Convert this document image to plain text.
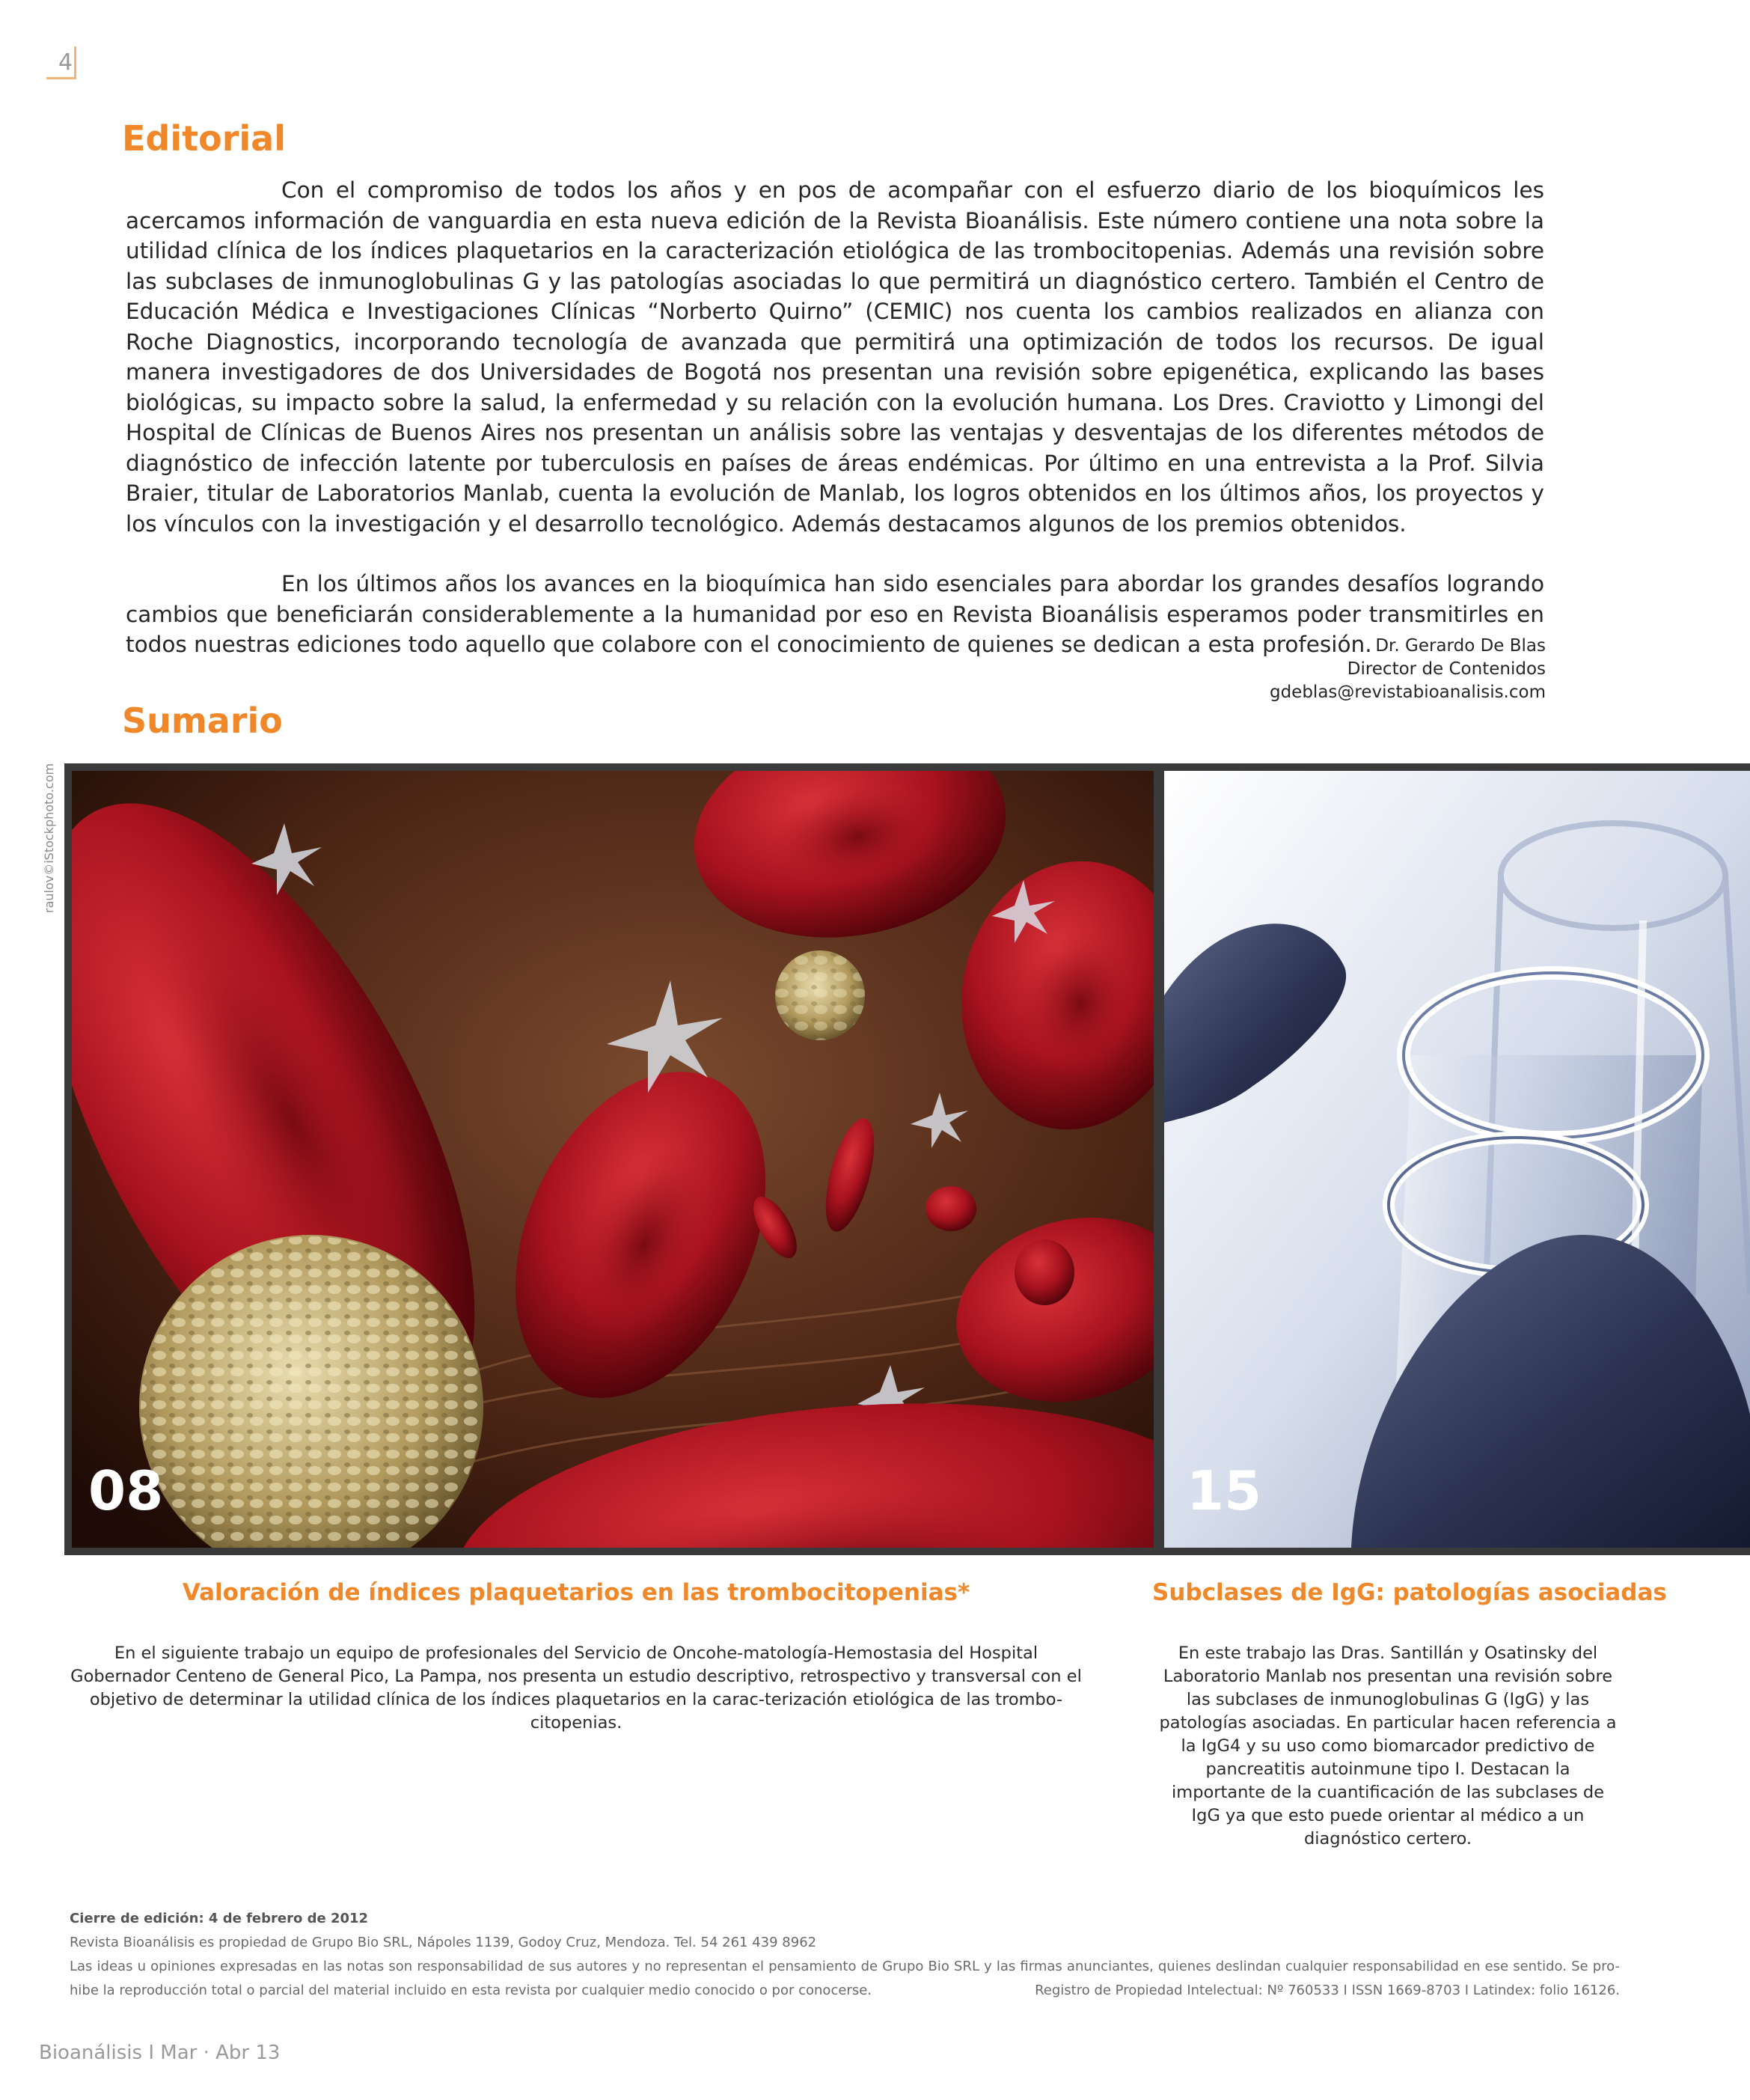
4
Editorial

Con el compromiso de todos los años y en pos de acompañar con el esfuerzo diario de los bioquímicos les acercamos información de vanguardia en esta nueva edición de la Revista Bioanálisis. Este número contiene una nota sobre la utilidad clínica de los índices plaquetarios en la caracterización etiológica de las trombocitopenias. Además una revisión sobre las subclases de inmunoglobulinas G y las patologías asociadas lo que permitirá un diagnóstico certero. También el Centro de Educación Médica e Investigaciones Clínicas “Norberto Quirno” (CEMIC) nos cuenta los cambios realizados en alianza con Roche Diagnostics, incorporando tecnología de avanzada que permitirá una optimización de todos los recursos. De igual manera investigadores de dos Universidades de Bogotá nos presentan una revisión sobre epigenética, explicando las bases biológicas, su impacto sobre la salud, la enfermedad y su relación con la evolución humana. Los Dres. Craviotto y Limongi del Hospital de Clínicas de Buenos Aires nos presentan un análisis sobre las ventajas y desventajas de los diferentes métodos de diagnóstico de infección latente por tuberculosis en países de áreas endémicas. Por último en una entrevista a la Prof. Silvia Braier, titular de Laboratorios Manlab, cuenta la evolución de Manlab, los logros obtenidos en los últimos años, los proyectos y los vínculos con la investigación y el desarrollo tecnológico. Además destacamos algunos de los premios obtenidos.

En los últimos años los avances en la bioquímica han sido esenciales para abordar los grandes desafíos logrando cambios que beneficiarán considerablemente a la humanidad por eso en Revista Bioanálisis esperamos poder transmitirles en todos nuestras ediciones todo aquello que colabore con el conocimiento de quienes se dedican a esta profesión. Dr. Gerardo De Blas
Director de Contenidos
gdeblas@revistabioanalisis.com
Sumario
raulov©iStockphoto.com
08	15
Valoración de índices plaquetarios en las trombocitopenias*
En el siguiente trabajo un equipo de profesionales del Servicio de Oncohe-matología-Hemostasia del Hospital Gobernador Centeno de General Pico, La Pampa, nos presenta un estudio descriptivo, retrospectivo y transversal con el objetivo de determinar la utilidad clínica de los índices plaquetarios en la carac-terización etiológica de las trombo-citopenias.
Subclases de IgG: patologías asociadas
En este trabajo las Dras. Santillán y Osatinsky del Laboratorio Manlab nos presentan una revisión sobre las subclases de inmunoglobulinas G (IgG) y las patologías asociadas. En particular hacen referencia a la IgG4 y su uso como biomarcador predictivo de pancreatitis autoinmune tipo I. Destacan la importante de la cuantificación de las subclases de IgG ya que esto puede orientar al médico a un diagnóstico certero.
Cierre de edición: 4 de febrero de 2012
Revista Bioanálisis es propiedad de Grupo Bio SRL, Nápoles 1139, Godoy Cruz, Mendoza. Tel. 54 261 439 8962
Las ideas u opiniones expresadas en las notas son responsabilidad de sus autores y no representan el pensamiento de Grupo Bio SRL y las firmas anunciantes, quienes deslindan cualquier responsabilidad en ese sentido. Se pro-
hibe la reproducción total o parcial del material incluido en esta revista por cualquier medio conocido o por conocerse.	Registro de Propiedad Intelectual: Nº 760533 I ISSN 1669-8703 I Latindex: folio 16126.
Bioanálisis I Mar · Abr 13
